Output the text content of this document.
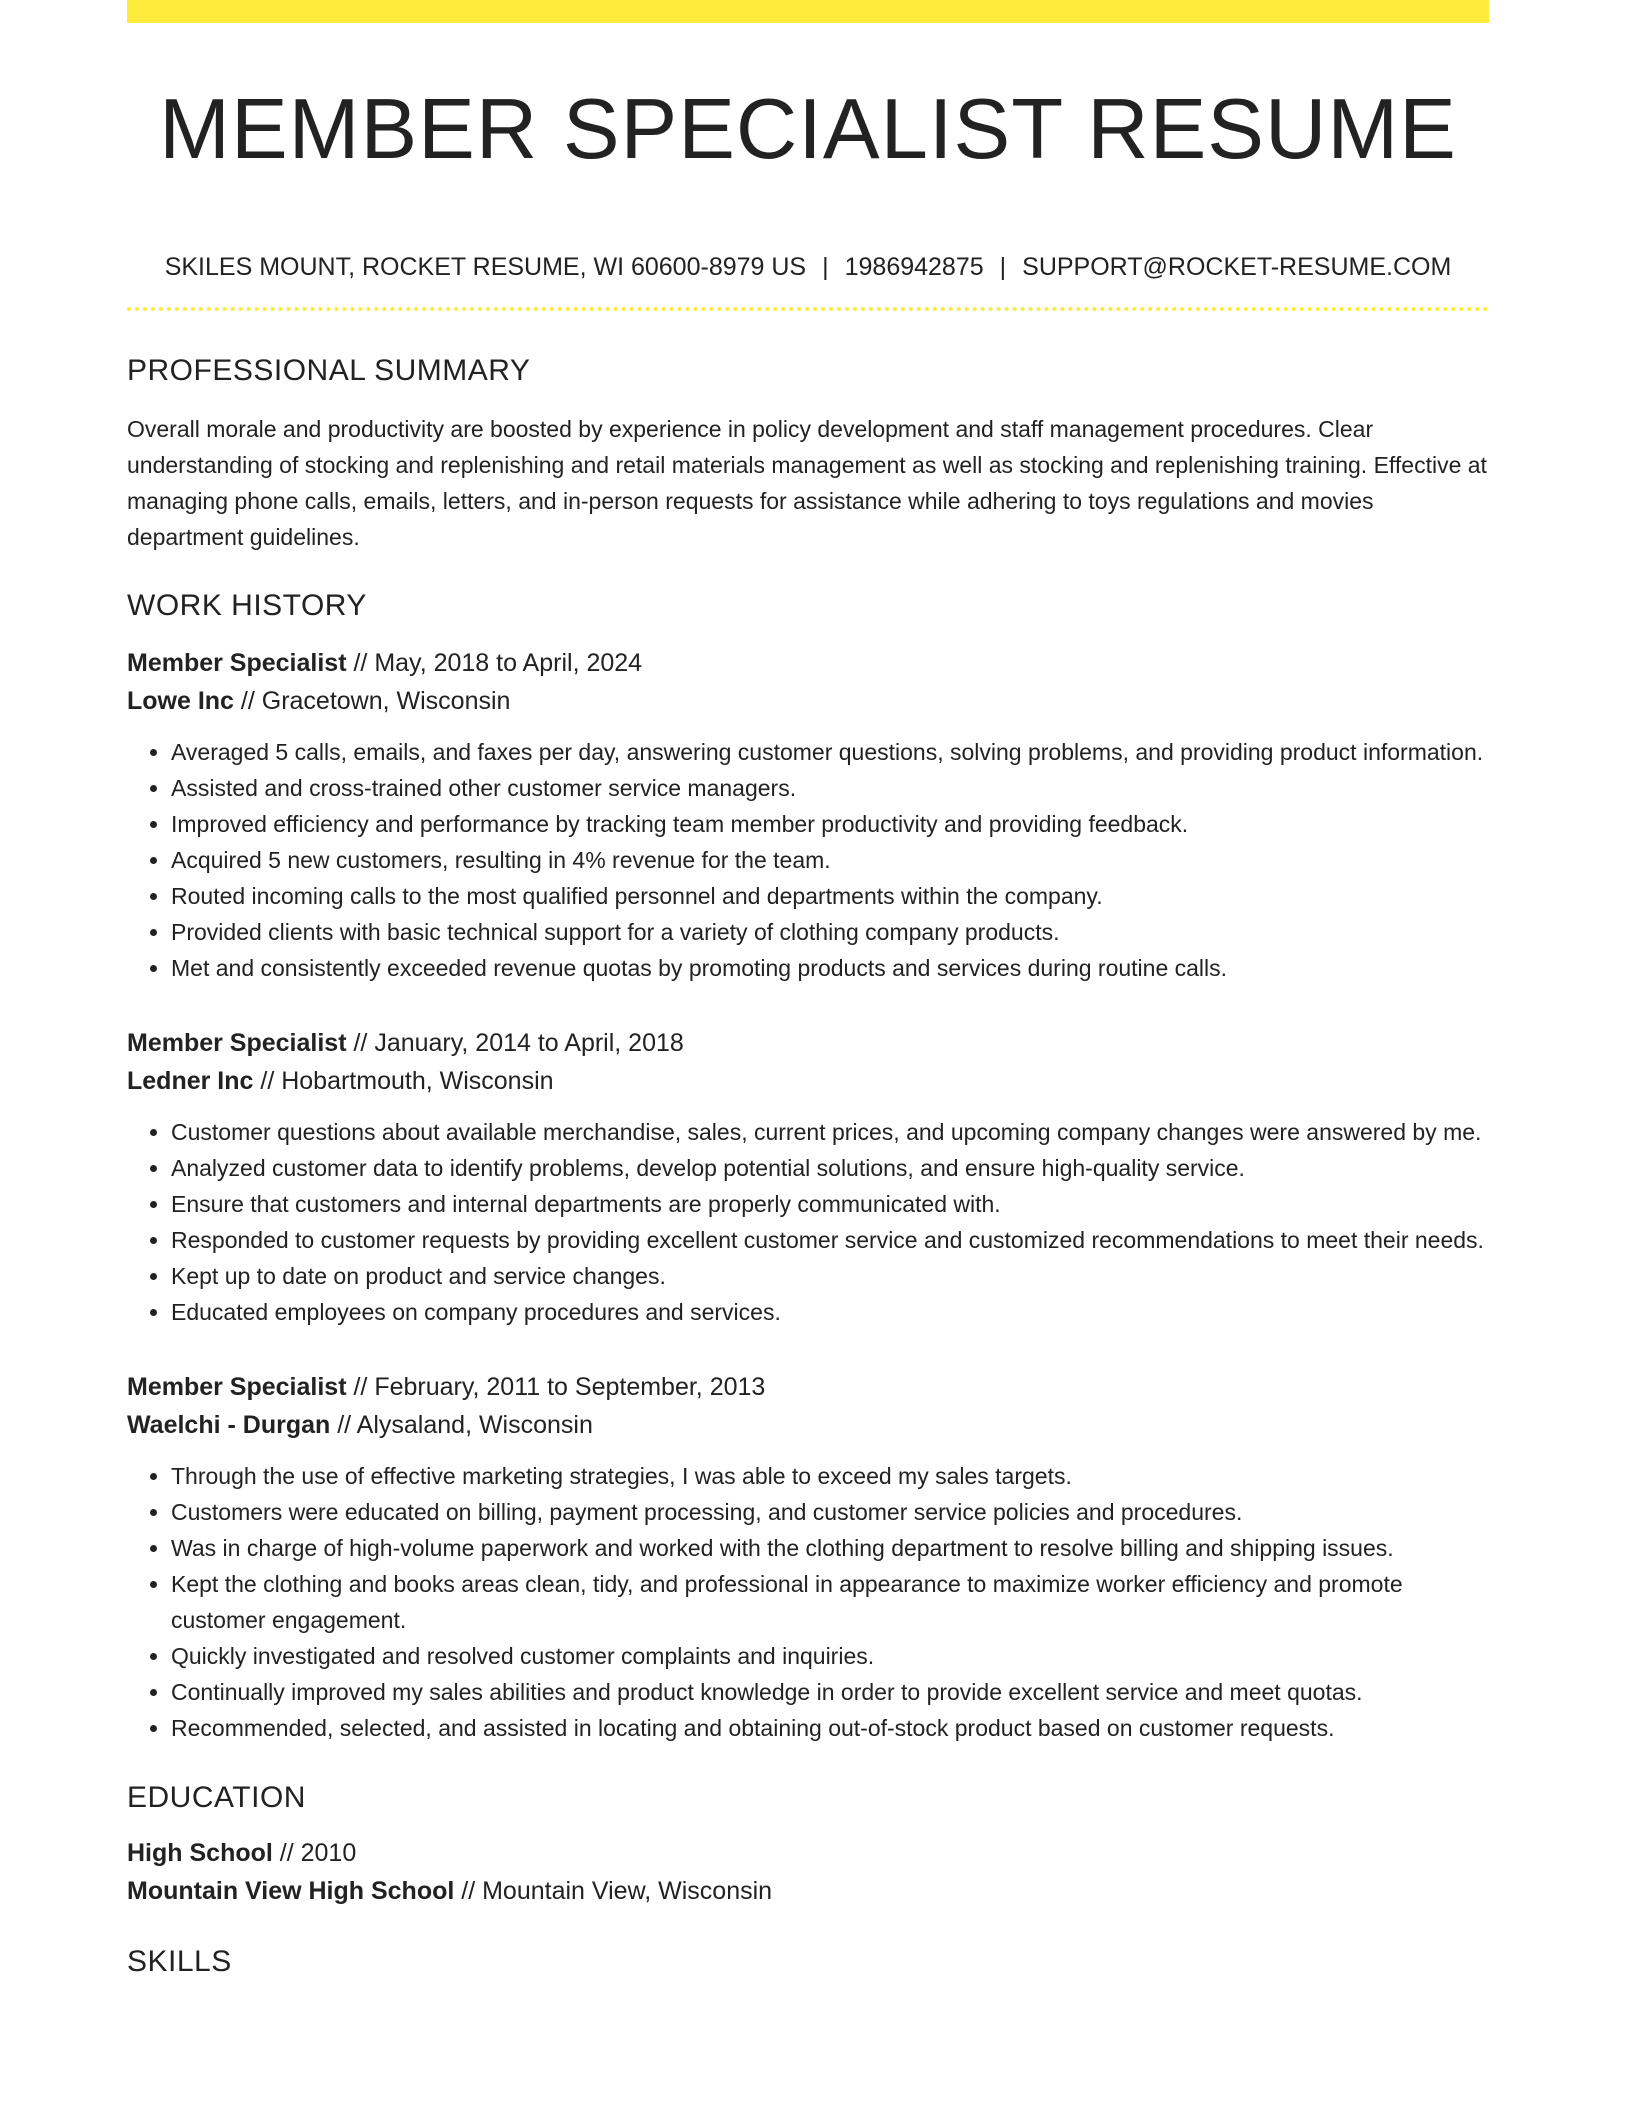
MEMBER SPECIALIST RESUME
SKILES MOUNT, ROCKET RESUME, WI 60600-8979 US | 1986942875 | SUPPORT@ROCKET-RESUME.COM
PROFESSIONAL SUMMARY
Overall morale and productivity are boosted by experience in policy development and staff management procedures. Clear understanding of stocking and replenishing and retail materials management as well as stocking and replenishing training. Effective at managing phone calls, emails, letters, and in-person requests for assistance while adhering to toys regulations and movies department guidelines.
WORK HISTORY
Member Specialist // May, 2018 to April, 2024
Lowe Inc // Gracetown, Wisconsin
• Averaged 5 calls, emails, and faxes per day, answering customer questions, solving problems, and providing product information.
• Assisted and cross-trained other customer service managers.
• Improved efficiency and performance by tracking team member productivity and providing feedback.
• Acquired 5 new customers, resulting in 4% revenue for the team.
• Routed incoming calls to the most qualified personnel and departments within the company.
• Provided clients with basic technical support for a variety of clothing company products.
• Met and consistently exceeded revenue quotas by promoting products and services during routine calls.
Member Specialist // January, 2014 to April, 2018
Ledner Inc // Hobartmouth, Wisconsin
• Customer questions about available merchandise, sales, current prices, and upcoming company changes were answered by me.
• Analyzed customer data to identify problems, develop potential solutions, and ensure high-quality service.
• Ensure that customers and internal departments are properly communicated with.
• Responded to customer requests by providing excellent customer service and customized recommendations to meet their needs.
• Kept up to date on product and service changes.
• Educated employees on company procedures and services.
Member Specialist // February, 2011 to September, 2013
Waelchi - Durgan // Alysaland, Wisconsin
• Through the use of effective marketing strategies, I was able to exceed my sales targets.
• Customers were educated on billing, payment processing, and customer service policies and procedures.
• Was in charge of high-volume paperwork and worked with the clothing department to resolve billing and shipping issues.
• Kept the clothing and books areas clean, tidy, and professional in appearance to maximize worker efficiency and promote customer engagement.
• Quickly investigated and resolved customer complaints and inquiries.
• Continually improved my sales abilities and product knowledge in order to provide excellent service and meet quotas.
• Recommended, selected, and assisted in locating and obtaining out-of-stock product based on customer requests.
EDUCATION
High School // 2010
Mountain View High School // Mountain View, Wisconsin
SKILLS
